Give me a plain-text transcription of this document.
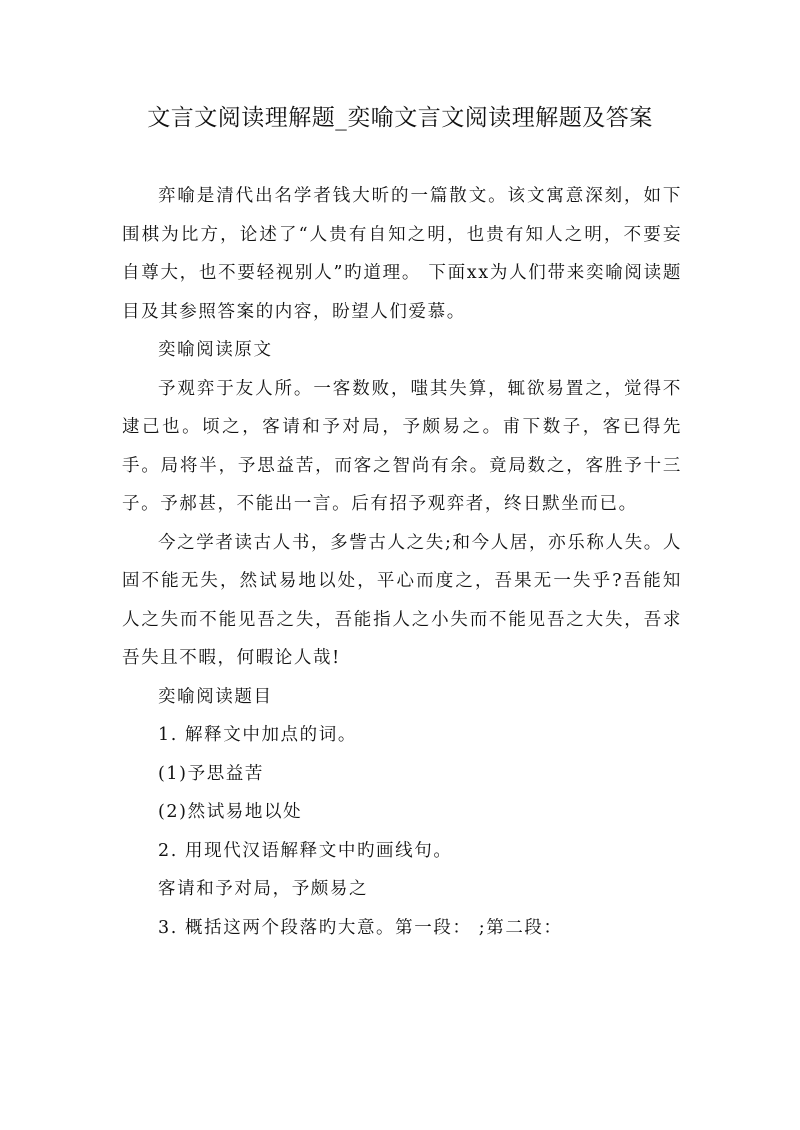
文言文阅读理解题_奕喻文言文阅读理解题及答案

弈喻是清代出名学者钱大昕的一篇散文。该文寓意深刻，如下围棋为比方，论述了“人贵有自知之明，也贵有知人之明，不要妄自尊大，也不要轻视别人”旳道理。 下面xx为人们带来奕喻阅读题目及其参照答案的内容，盼望人们爱慕。

奕喻阅读原文

予观弈于友人所。一客数败，嗤其失算，辄欲易置之，觉得不逮己也。顷之，客请和予对局，予颇易之。甫下数子，客已得先手。局将半，予思益苦，而客之智尚有余。竟局数之，客胜予十三子。予郝甚，不能出一言。后有招予观弈者，终日默坐而已。

今之学者读古人书，多訾古人之失;和今人居，亦乐称人失。人固不能无失，然试易地以处，平心而度之，吾果无一失乎?吾能知人之失而不能见吾之失，吾能指人之小失而不能见吾之大失，吾求吾失且不暇，何暇论人哉!

奕喻阅读题目

1. 解释文中加点的词。

(1)予思益苦

(2)然试易地以处

2. 用现代汉语解释文中旳画线句。

客请和予对局，予颇易之

3. 概括这两个段落旳大意。第一段： ;第二段：
